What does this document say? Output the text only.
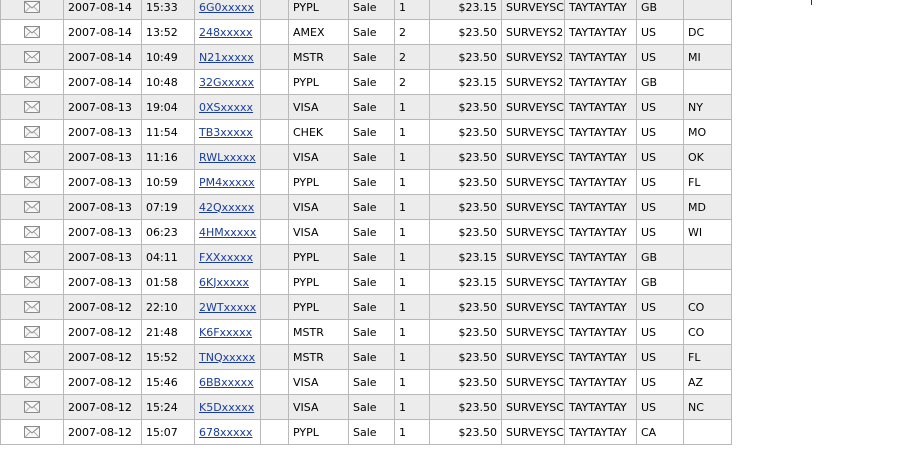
	2007-08-14	15:33	6G0xxxxx		PYPL	Sale	1	$23.15	SURVEYSC	TAYTAYTAY	GB	
	2007-08-14	13:52	248xxxxx		AMEX	Sale	2	$23.50	SURVEYS2	TAYTAYTAY	US	DC
	2007-08-14	10:49	N21xxxxx		MSTR	Sale	2	$23.50	SURVEYS2	TAYTAYTAY	US	MI
	2007-08-14	10:48	32Gxxxxx		PYPL	Sale	2	$23.15	SURVEYS2	TAYTAYTAY	GB	
	2007-08-13	19:04	0XSxxxxx		VISA	Sale	1	$23.50	SURVEYSC	TAYTAYTAY	US	NY
	2007-08-13	11:54	TB3xxxxx		CHEK	Sale	1	$23.50	SURVEYSC	TAYTAYTAY	US	MO
	2007-08-13	11:16	RWLxxxxx		VISA	Sale	1	$23.50	SURVEYSC	TAYTAYTAY	US	OK
	2007-08-13	10:59	PM4xxxxx		PYPL	Sale	1	$23.50	SURVEYSC	TAYTAYTAY	US	FL
	2007-08-13	07:19	42Qxxxxx		VISA	Sale	1	$23.50	SURVEYSC	TAYTAYTAY	US	MD
	2007-08-13	06:23	4HMxxxxx		VISA	Sale	1	$23.50	SURVEYSC	TAYTAYTAY	US	WI
	2007-08-13	04:11	FXXxxxxx		PYPL	Sale	1	$23.15	SURVEYSC	TAYTAYTAY	GB	
	2007-08-13	01:58	6KJxxxxx		PYPL	Sale	1	$23.15	SURVEYSC	TAYTAYTAY	GB	
	2007-08-12	22:10	2WTxxxxx		PYPL	Sale	1	$23.50	SURVEYSC	TAYTAYTAY	US	CO
	2007-08-12	21:48	K6Fxxxxx		MSTR	Sale	1	$23.50	SURVEYSC	TAYTAYTAY	US	CO
	2007-08-12	15:52	TNQxxxxx		MSTR	Sale	1	$23.50	SURVEYSC	TAYTAYTAY	US	FL
	2007-08-12	15:46	6BBxxxxx		VISA	Sale	1	$23.50	SURVEYSC	TAYTAYTAY	US	AZ
	2007-08-12	15:24	K5Dxxxxx		VISA	Sale	1	$23.50	SURVEYSC	TAYTAYTAY	US	NC
	2007-08-12	15:07	678xxxxx		PYPL	Sale	1	$23.50	SURVEYSC	TAYTAYTAY	CA	
